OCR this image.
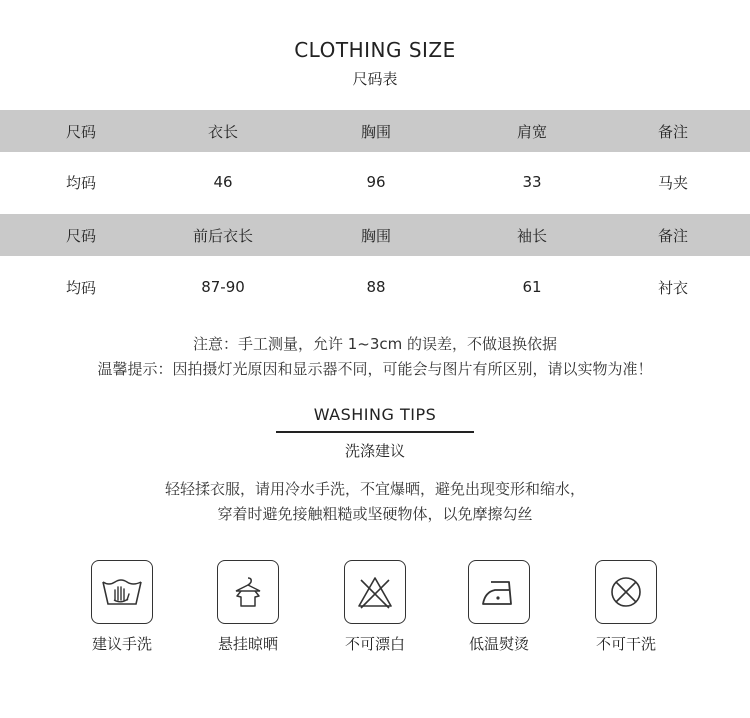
CLOTHING SIZE
尺码表
尺码	衣长	胸围	肩宽	备注
均码	46	96	33	马夹
尺码	前后衣长	胸围	袖长	备注
均码	87-90	88	61	衬衣
注意：手工测量，允许 1~3cm 的误差，不做退换依据
温馨提示：因拍摄灯光原因和显示器不同，可能会与图片有所区别，请以实物为准！
WASHING TIPS
洗涤建议
轻轻揉衣服，请用冷水手洗，不宜爆晒，避免出现变形和缩水，
穿着时避免接触粗糙或坚硬物体，以免摩擦勾丝
建议手洗	悬挂晾晒	不可漂白	低温熨烫	不可干洗
